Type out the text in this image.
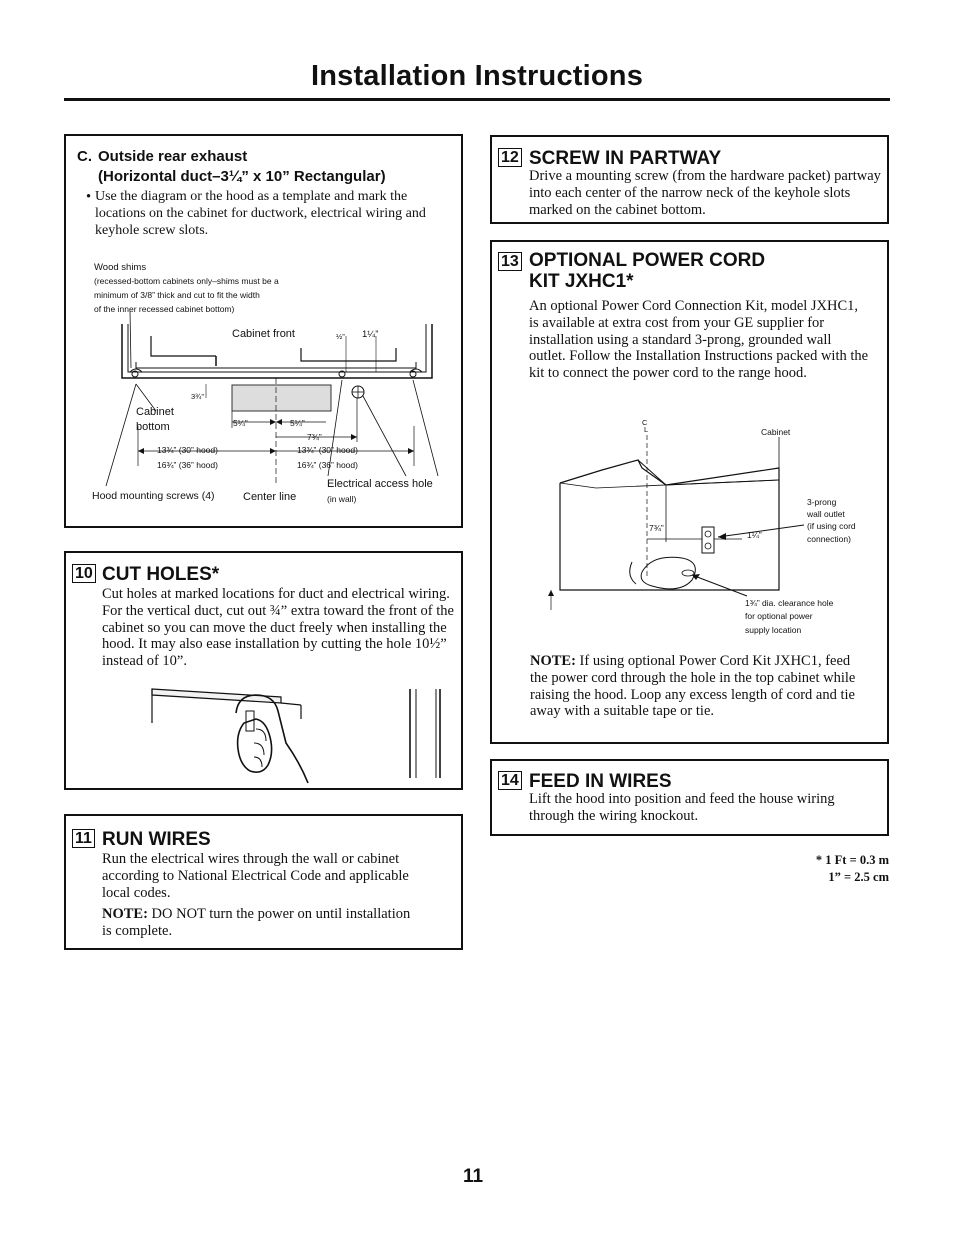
Installation Instructions
C. Outside rear exhaust
(Horizontal duct–3¼” x 10” Rectangular)
• Use the diagram or the hood as a template and mark the locations on the cabinet for ductwork, electrical wiring and keyhole screw slots.
Wood shims
(recessed-bottom cabinets only–shims must be a
minimum of 3/8” thick and cut to fit the width
of the inner recessed cabinet bottom)
Cabinet front	½” 1¼”
3¾”
Cabinet
bottom	5¼”	5¼”
7¾”
13¾” (30” hood)
16¾” (36” hood)
13¾” (30” hood)
16¾” (36” hood)
Hood mounting screws (4)	Center line
Electrical access hole
(in wall)
10 CUT HOLES*
Cut holes at marked locations for duct and electrical wiring. For the vertical duct, cut out ¾” extra toward the front of the cabinet so you can move the duct freely when installing the hood. It may also ease installation by cutting the hole 10½” instead of 10”.
11 RUN WIRES
Run the electrical wires through the wall or cabinet according to National Electrical Code and applicable local codes.
NOTE: DO NOT turn the power on until installation is complete.
12 SCREW IN PARTWAY
Drive a mounting screw (from the hardware packet) partway into each center of the narrow neck of the keyhole slots marked on the cabinet bottom.
13 OPTIONAL POWER CORD
KIT JXHC1*
An optional Power Cord Connection Kit, model JXHC1, is available at extra cost from your GE supplier for installation using a standard 3-prong, grounded wall outlet. Follow the Installation Instructions packed with the kit to connect the power cord to the range hood.
C
L	Cabinet
3-prong
wall outlet
(if using cord
connection)
7¾”
1¼”
1¾” dia. clearance hole
for optional power
supply location
NOTE: If using optional Power Cord Kit JXHC1, feed the power cord through the hole in the top cabinet while raising the hood. Loop any excess length of cord and tie away with a suitable tape or tie.
14 FEED IN WIRES
Lift the hood into position and feed the house wiring through the wiring knockout.
* 1 Ft = 0.3 m
1” = 2.5 cm
11
